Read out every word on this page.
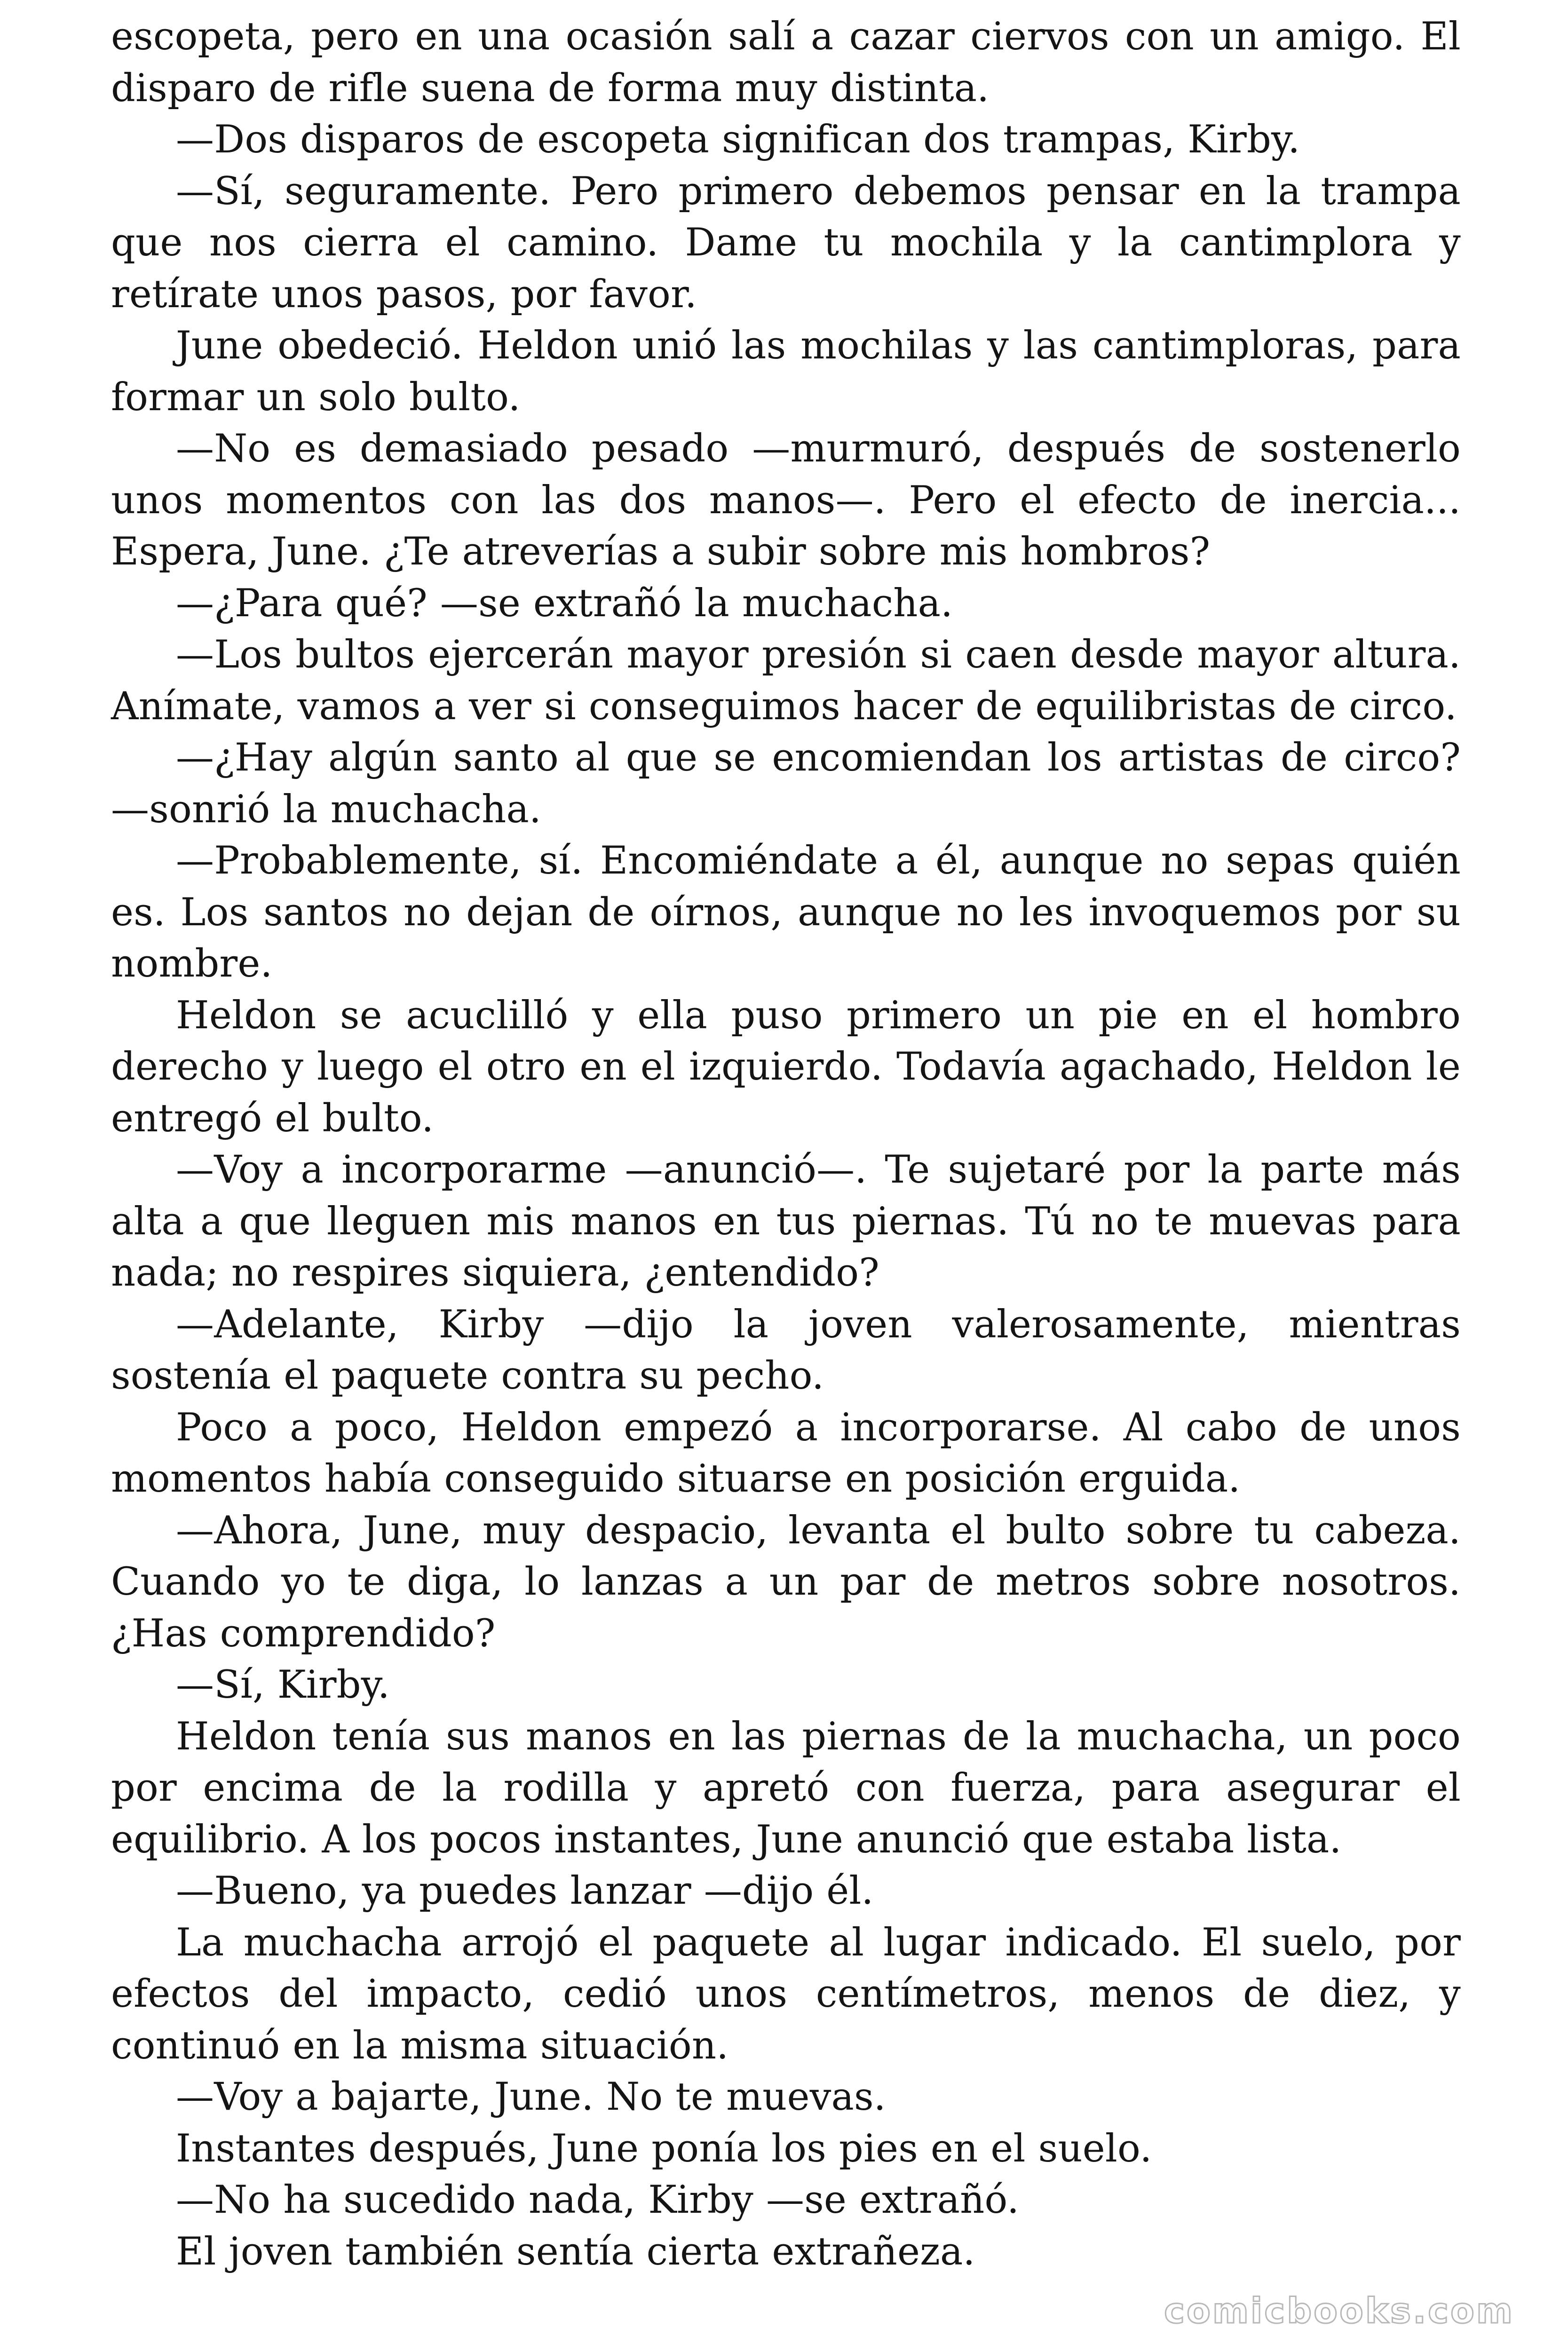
escopeta, pero en una ocasión salí a cazar ciervos con un amigo. El disparo de rifle suena de forma muy distinta.

—Dos disparos de escopeta significan dos trampas, Kirby.

—Sí, seguramente. Pero primero debemos pensar en la trampa que nos cierra el camino. Dame tu mochila y la cantimplora y retírate unos pasos, por favor.

June obedeció. Heldon unió las mochilas y las cantimploras, para formar un solo bulto.

—No es demasiado pesado —murmuró, después de sostenerlo unos momentos con las dos manos—. Pero el efecto de inercia... Espera, June. ¿Te atreverías a subir sobre mis hombros?

—¿Para qué? —se extrañó la muchacha.

—Los bultos ejercerán mayor presión si caen desde mayor altura. Anímate, vamos a ver si conseguimos hacer de equilibristas de circo.

—¿Hay algún santo al que se encomiendan los artistas de circo? —sonrió la muchacha.

—Probablemente, sí. Encomiéndate a él, aunque no sepas quién es. Los santos no dejan de oírnos, aunque no les invoquemos por su nombre.

Heldon se acuclilló y ella puso primero un pie en el hombro derecho y luego el otro en el izquierdo. Todavía agachado, Heldon le entregó el bulto.

—Voy a incorporarme —anunció—. Te sujetaré por la parte más alta a que lleguen mis manos en tus piernas. Tú no te muevas para nada; no respires siquiera, ¿entendido?

—Adelante, Kirby —dijo la joven valerosamente, mientras sostenía el paquete contra su pecho.

Poco a poco, Heldon empezó a incorporarse. Al cabo de unos momentos había conseguido situarse en posición erguida.

—Ahora, June, muy despacio, levanta el bulto sobre tu cabeza. Cuando yo te diga, lo lanzas a un par de metros sobre nosotros. ¿Has comprendido?

—Sí, Kirby.

Heldon tenía sus manos en las piernas de la muchacha, un poco por encima de la rodilla y apretó con fuerza, para asegurar el equilibrio. A los pocos instantes, June anunció que estaba lista.

—Bueno, ya puedes lanzar —dijo él.

La muchacha arrojó el paquete al lugar indicado. El suelo, por efectos del impacto, cedió unos centímetros, menos de diez, y continuó en la misma situación.

—Voy a bajarte, June. No te muevas.

Instantes después, June ponía los pies en el suelo.

—No ha sucedido nada, Kirby —se extrañó.

El joven también sentía cierta extrañeza.

comicbooks.com
